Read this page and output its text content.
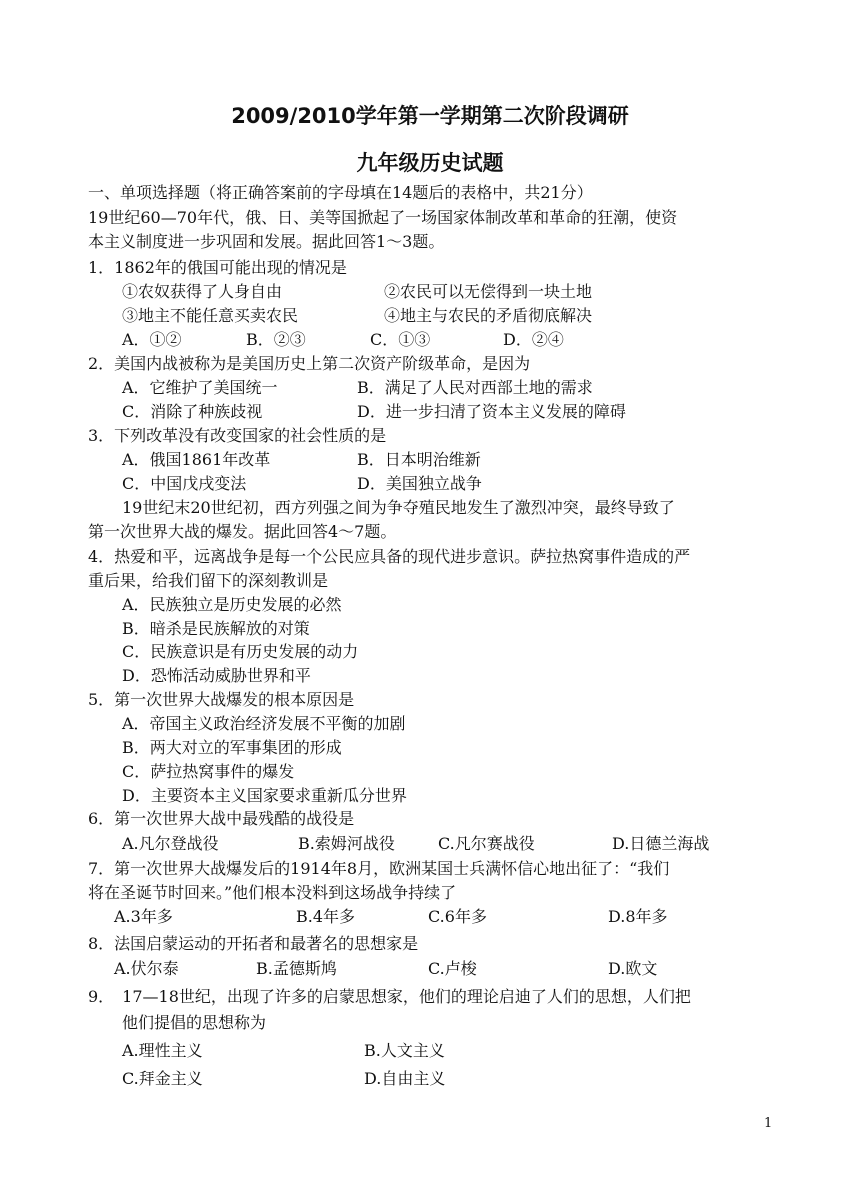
2009/2010学年第一学期第二次阶段调研
九年级历史试题
一、单项选择题（将正确答案前的字母填在14题后的表格中，共21分）
19世纪60—70年代，俄、日、美等国掀起了一场国家体制改革和革命的狂潮，使资
本主义制度进一步巩固和发展。据此回答1～3题。
1．1862年的俄国可能出现的情况是
①农奴获得了人身自由	②农民可以无偿得到一块土地
③地主不能任意买卖农民	④地主与农民的矛盾彻底解决
A．①②	B．②③	C．①③	D．②④
2．美国内战被称为是美国历史上第二次资产阶级革命，是因为
A．它维护了美国统一	B．满足了人民对西部土地的需求
C．消除了种族歧视	D．进一步扫清了资本主义发展的障碍
3．下列改革没有改变国家的社会性质的是
A．俄国1861年改革	B．日本明治维新
C．中国戊戌变法	D．美国独立战争
19世纪末20世纪初，西方列强之间为争夺殖民地发生了激烈冲突，最终导致了
第一次世界大战的爆发。据此回答4～7题。
4．热爱和平，远离战争是每一个公民应具备的现代进步意识。萨拉热窝事件造成的严
重后果，给我们留下的深刻教训是
A．民族独立是历史发展的必然
B．暗杀是民族解放的对策
C．民族意识是有历史发展的动力
D．恐怖活动威胁世界和平
5．第一次世界大战爆发的根本原因是
A．帝国主义政治经济发展不平衡的加剧
B．两大对立的军事集团的形成
C．萨拉热窝事件的爆发
D．主要资本主义国家要求重新瓜分世界
6．第一次世界大战中最残酷的战役是
A.凡尔登战役	B.索姆河战役	C.凡尔赛战役	D.日德兰海战
7．第一次世界大战爆发后的1914年8月，欧洲某国士兵满怀信心地出征了：“我们
将在圣诞节时回来。”他们根本没料到这场战争持续了
A.3年多	B.4年多	C.6年多	D.8年多
8．法国启蒙运动的开拓者和最著名的思想家是
A.伏尔泰	B.孟德斯鸠	C.卢梭	D.欧文
9．　17—18世纪，出现了许多的启蒙思想家，他们的理论启迪了人们的思想，人们把
他们提倡的思想称为
A.理性主义	B.人文主义
C.拜金主义	D.自由主义
1
